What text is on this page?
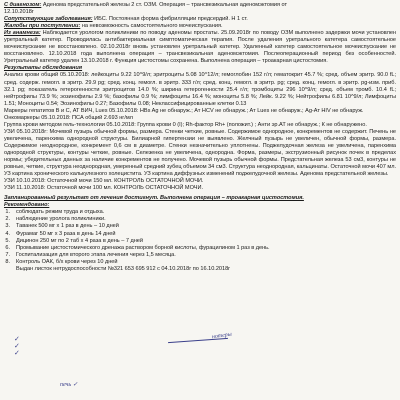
С диагнозом: Аденома предстательной железы 2 ст. ОЗМ. Операция – трансвезикальная аденомэктомия от

12.10.2018г

Сопутствующие заболевания: ИБС. Постоянная форма фибрилляции предсердий. Н 1 ст.

Жалобы при поступлении: на невозможность самостоятельного мочеиспускания.

Из анамнеза: Наблюдается урологом поликлиники по поводу аденомы простаты. 25.09.2018г по поводу ОЗМ выполнено задержки мочи установлен уретральный катетер. Проводилась антибактериальная симптоматическая терапия. После удаления уретрального катетера самостоятельное мочеиспускание не восстановлено. 02.10.2018г вновь установлен уретральный катетер. Удаленный катетер самостоятельное мочеиспускание не восстановлено. 12.10.2018 года выполнена операция – трансвезикальная аденомэктомия. Послеоперационный период без особенностей. Уретральный катетер удален 13.10.2018 г. Функция цистостомы сохранена. Выполнена операция – троакарная цистостомия.

Результаты обследования

Анализ крови общий 05.10.2018: лейкоциты 9.22 10^9/л; эритроциты 5.08 10^12/л; гемоглобин 152 г/л; гематокрит 45.7 %; сред. объем эритр. 90.0 fL; сред. содерж. гемогл. в эритр. 29.9 pg; сред. конц. гемогл. в эритр. 333 г/л; сред. конц. гемогл. в эритр. pg; сред. конц. гемогл. в эритр. pg-изм. приб. 32.1 pg; показатель гетерогенности эритроцитов 14.0 %; ширина гетерогенности 25.4 г/л; тромбоциты 296 10^9/л; сред. объем тромб. 10.4 fL; нейтрофилы 73.9 %; эозинофилы 2.9 %; базофилы 0.9 %; лимфоциты 16.4 %; моноциты 5.8 %; Лейк. 9.22 %; Нейтрофилы 6.81 10^9/л; Лимфоциты 1.51; Моноциты 0.54; Эозинофилы 0.27; Базофилы 0.08; Неклассифицированные клетки 0.13

Маркеры гепатитов В и С, АТ ВИЧ, Lues 05.10.2018: HBs Ag не обнаруж.; Ат HCV не обнаруж.; Ат Lues не обнаруж.; Ag-Ат HIV не обнаруж.

Онкомаркеры 05.10.2018: ПСА общий 2.693 нг/мл

Группа крови методом гель-технологии 05.10.2018: Группа крови 0 (I); Rh-фактор Rh+ (положит.) ; Анти эр.АТ не обнаруж.; К не обнаружено.

УЗИ 05.10.2018г: Мочевой пузырь обычной формы, размера. Стенки четкие, ровные. Содержимое однородное, конкрементов не содержит. Печень не увеличена, паренхима однородной структуры. Билиарной гипертензии не выявлено. Желчный пузырь не увеличен, обычной формы, размера. Содержимое неоднородное, конкремент 0,6 см в диаметре. Стенки незначительно уплотнены. Поджелудочная железа не увеличена, паренхима однородной структуры, контуры четкие, ровные. Селезенка не увеличена, однородна. Форма, размеры, экструзионный рисунок почек в пределах нормы; убедительных данных за наличие конкрементов не получено. Мочевой пузырь обычной формы. Предстательная железа 53 см3, контуры не ровные, четкие, структура неоднородная, умеренный средний зубец объемом 34 см3. Структура неоднородная, кальцинаты. Остаточной мочи 407 мл. УЗ картина хронического калькулезного холецистита. УЗ картина диффузных изменений поджелудочной железы. Аденома предстательной железы.

УЗИ 10.10.2018: Остаточной мочи 150 мл. КОНТРОЛЬ ОСТАТОЧНОЙ МОЧИ.

УЗИ 11.10.2018: Остаточной мочи 100 мл. КОНТРОЛЬ ОСТАТОЧНОЙ МОЧИ.

Запланированный результат от лечения достигнут. Выполнена операция – троакарная цистостомия.

Рекомендовано:

1. соблюдать режим труда и отдыха.
2. наблюдение уролога поликлиники.
3. Таванек 500 мг х 1 раз в день – 10 дней
4. Фурамаг 50 мг х 3 раза в день 14 дней
5. Дицинон 250 мг по 2 таб х 4 раза в день – 7 дней
6. Промывание цистостомического дренажа раствором борной кислоты, фурацилином 1 раз в день.
7. Госпитализация для второго этапа лечения через 1,5 месяца.
8. Контроль ОАК, б/х крови через 10 дней
Выдан листок нетрудоспособности №321 653 695 912 с 04.10.2018г по 16.10.2018г
нотеры
печь ✓
✓
✓
✓
